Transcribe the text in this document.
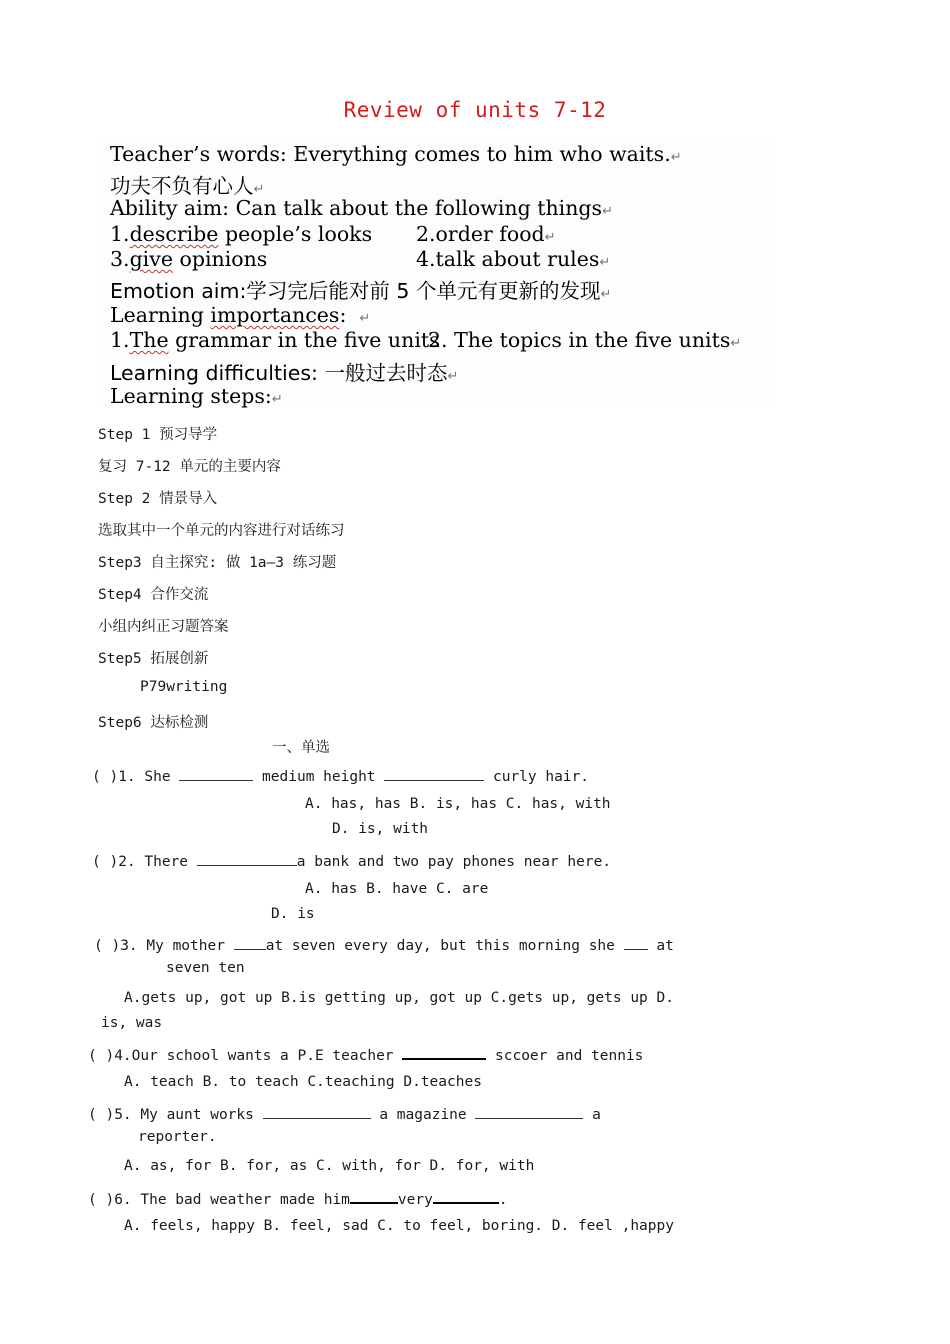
Review of units 7-12
Teacher’s words: Everything comes to him who waits.↵
功夫不负有心人↵
Ability aim: Can talk about the following things↵
1.describe people’s looks 2.order food↵
3.give opinions	4.talk about rules↵
Emotion aim:学习完后能对前 5 个单元有更新的发现↵
Learning importances: ↵
1.The grammar in the five units
2. The topics in the five units↵
Learning difficulties: 一般过去时态↵
Learning steps:↵
Step 1 预习导学
复习 7-12 单元的主要内容
Step 2 情景导入
选取其中一个单元的内容进行对话练习
Step3 自主探究: 做 1a—3 练习题
Step4 合作交流
小组内纠正习题答案
Step5 拓展创新
P79writing
Step6 达标检测
一、单选
( )1. She	medium height	curly hair.
A. has, has B. is, has C. has, with
D. is, with
( )2. There	a bank and two pay phones near here.
A. has B. have C. are
D. is
( )3. My mother at seven every day, but this morning she  at
seven ten
A.gets up, got up B.is getting up, got up C.gets up, gets up D.
is, was
( )4.Our school wants a P.E teacher	sccoer and tennis
A. teach B. to teach C.teaching D.teaches
( )5. My aunt works	a magazine	a
reporter.
A. as, for B. for, as C. with, for D. for, with
( )6. The bad weather made him	very	.
A. feels, happy B. feel, sad C. to feel, boring. D. feel ,happy
